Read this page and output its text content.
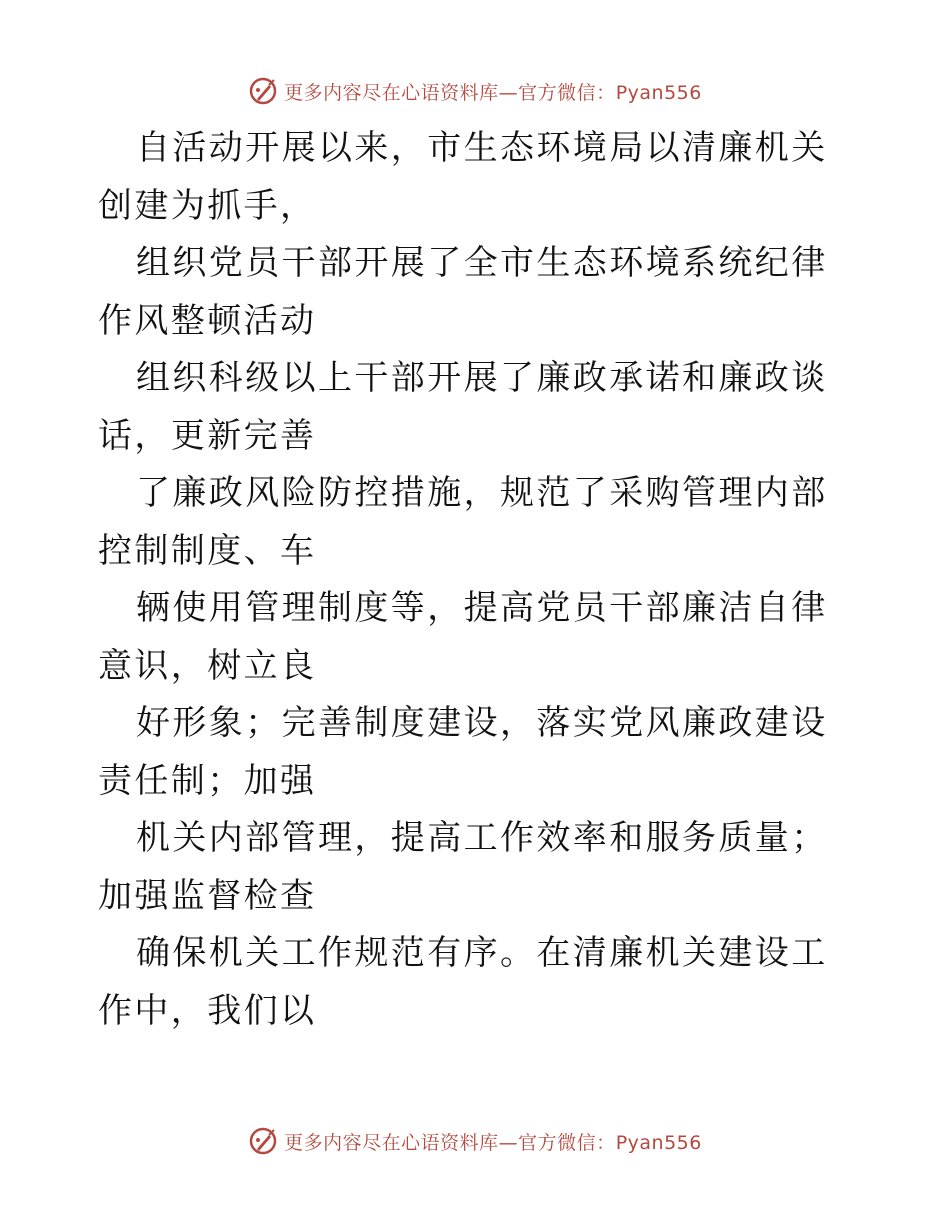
更多内容尽在心语资料库—官方微信：Pyan556

自活动开展以来，市生态环境局以清廉机关创建为抓手，

组织党员干部开展了全市生态环境系统纪律作风整顿活动

组织科级以上干部开展了廉政承诺和廉政谈话，更新完善

了廉政风险防控措施，规范了采购管理内部控制制度、车

辆使用管理制度等，提高党员干部廉洁自律意识，树立良

好形象；完善制度建设，落实党风廉政建设责任制；加强

机关内部管理，提高工作效率和服务质量；加强监督检查

确保机关工作规范有序。在清廉机关建设工作中，我们以

更多内容尽在心语资料库—官方微信：Pyan556
